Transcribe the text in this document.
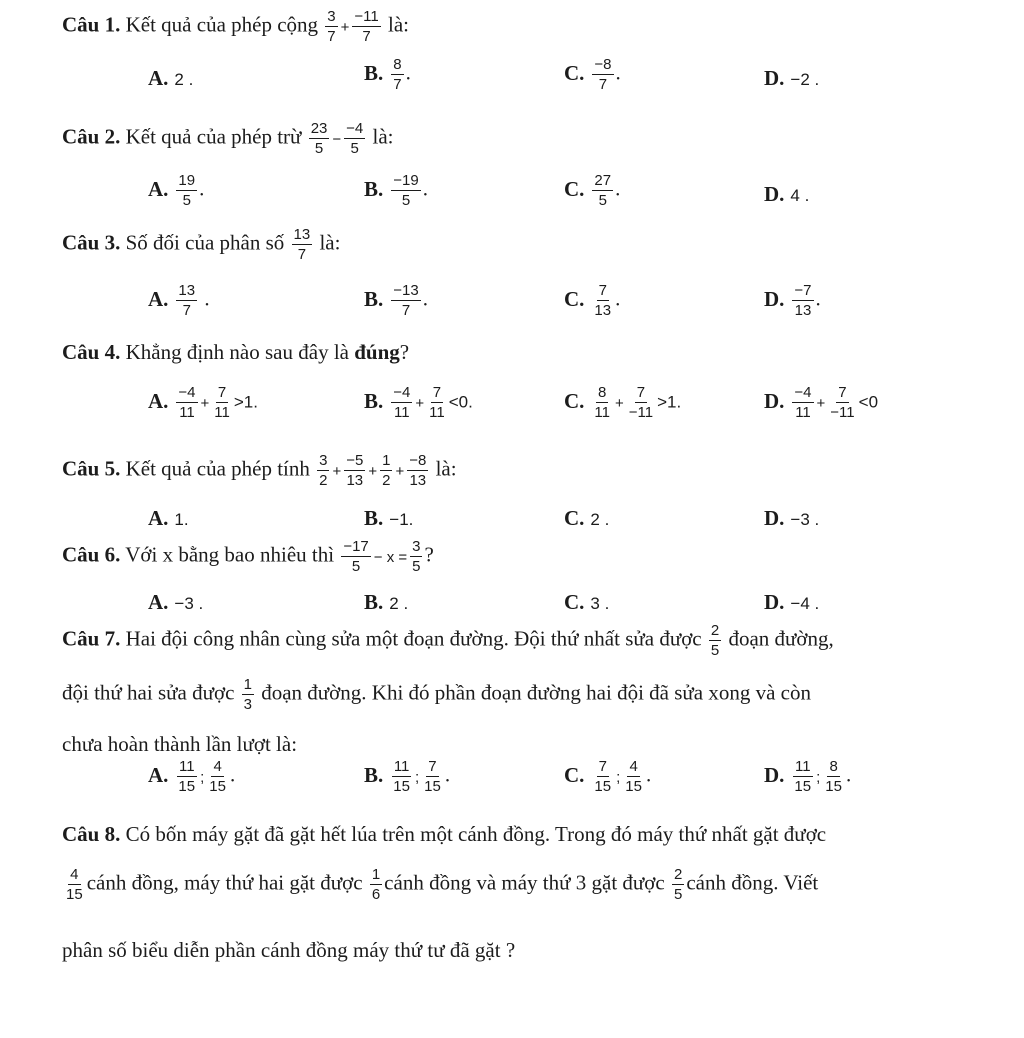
Câu 1. Kết quả của phép cộng $\frac{3}{7} + \frac{-11}{7}$ là:
A. 2 .	B. $\frac{8}{7}$ .	C. $\frac{-8}{7}$ .	D. −2 .
Câu 2. Kết quả của phép trừ $\frac{23}{5} - \frac{-4}{5}$ là:
A. $\frac{19}{5}$ .	B. $\frac{-19}{5}$ .	C. $\frac{27}{5}$ .	D. 4 .
Câu 3. Số đối của phân số $\frac{13}{7}$ là:
A. $\frac{13}{7}$ .	B. $\frac{-13}{7}$ .	C. $\frac{7}{13}$ .	D. $\frac{-7}{13}$ .
Câu 4. Khẳng định nào sau đây là đúng?
A. $\frac{-4}{11} + \frac{7}{11} >1$.	B. $\frac{-4}{11} + \frac{7}{11} <0$.	C. $\frac{8}{11} + \frac{7}{-11} >1$.	D. $\frac{-4}{11} + \frac{7}{-11} <0$
Câu 5. Kết quả của phép tính $\frac{3}{2} + \frac{-5}{13} + \frac{1}{2} + \frac{-8}{13}$ là:
A. 1.	B. −1.	C. 2 .	D. −3 .
Câu 6. Với x bằng bao nhiêu thì $\frac{-17}{5} - x = \frac{3}{5}$ ?
A. −3 .	B. 2 .	C. 3 .	D. −4 .
Câu 7. Hai đội công nhân cùng sửa một đoạn đường. Đội thứ nhất sửa được $\frac{2}{5}$ đoạn đường,
đội thứ hai sửa được $\frac{1}{3}$ đoạn đường. Khi đó phần đoạn đường hai đội đã sửa xong và còn
chưa hoàn thành lần lượt là:
A. $\frac{11}{15}$ ; $\frac{4}{15}$ .	B. $\frac{11}{15}$ ; $\frac{7}{15}$ .	C. $\frac{7}{15}$ ; $\frac{4}{15}$ .	D. $\frac{11}{15}$ ; $\frac{8}{15}$ .
Câu 8. Có bốn máy gặt đã gặt hết lúa trên một cánh đồng. Trong đó máy thứ nhất gặt được
$\frac{4}{15}$ cánh đồng, máy thứ hai gặt được $\frac{1}{6}$ cánh đồng và máy thứ 3 gặt được $\frac{2}{5}$ cánh đồng. Viết
phân số biểu diễn phần cánh đồng máy thứ tư đã gặt ?
